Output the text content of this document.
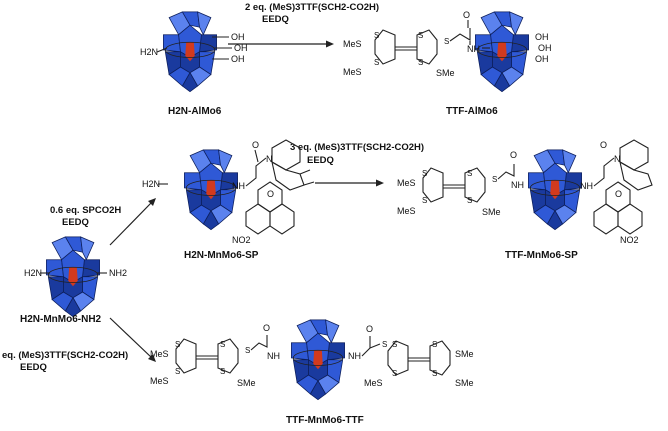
2 eq. (MeS)3TTF(SCH2-CO2H)
EEDQ
3 eq. (MeS)3TTF(SCH2-CO2H)
EEDQ
0.6 eq. SPCO2H
EEDQ
eq. (MeS)3TTF(SCH2-CO2H)
EEDQ
H2N
OH
OH
OH
MeS
MeS	SMe
S
S
S
S
S
O
NH
OH
OH
OH
H2N-AlMo6	TTF-AlMo6
H2N	NH
O
N
O
NO2
MeS
MeS	SMe
S
S
S
S
S
O
NH	NH
O
N
O
NO2
H2N-MnMo6-SP	TTF-MnMo6-SP
H2N	NH2
H2N-MnMo6-NH2
MeS
MeS	SMe
S
S
S
S
S
O
NH	NH
O
S S
S
S
S
MeS
SMe
SMe
TTF-MnMo6-TTF
